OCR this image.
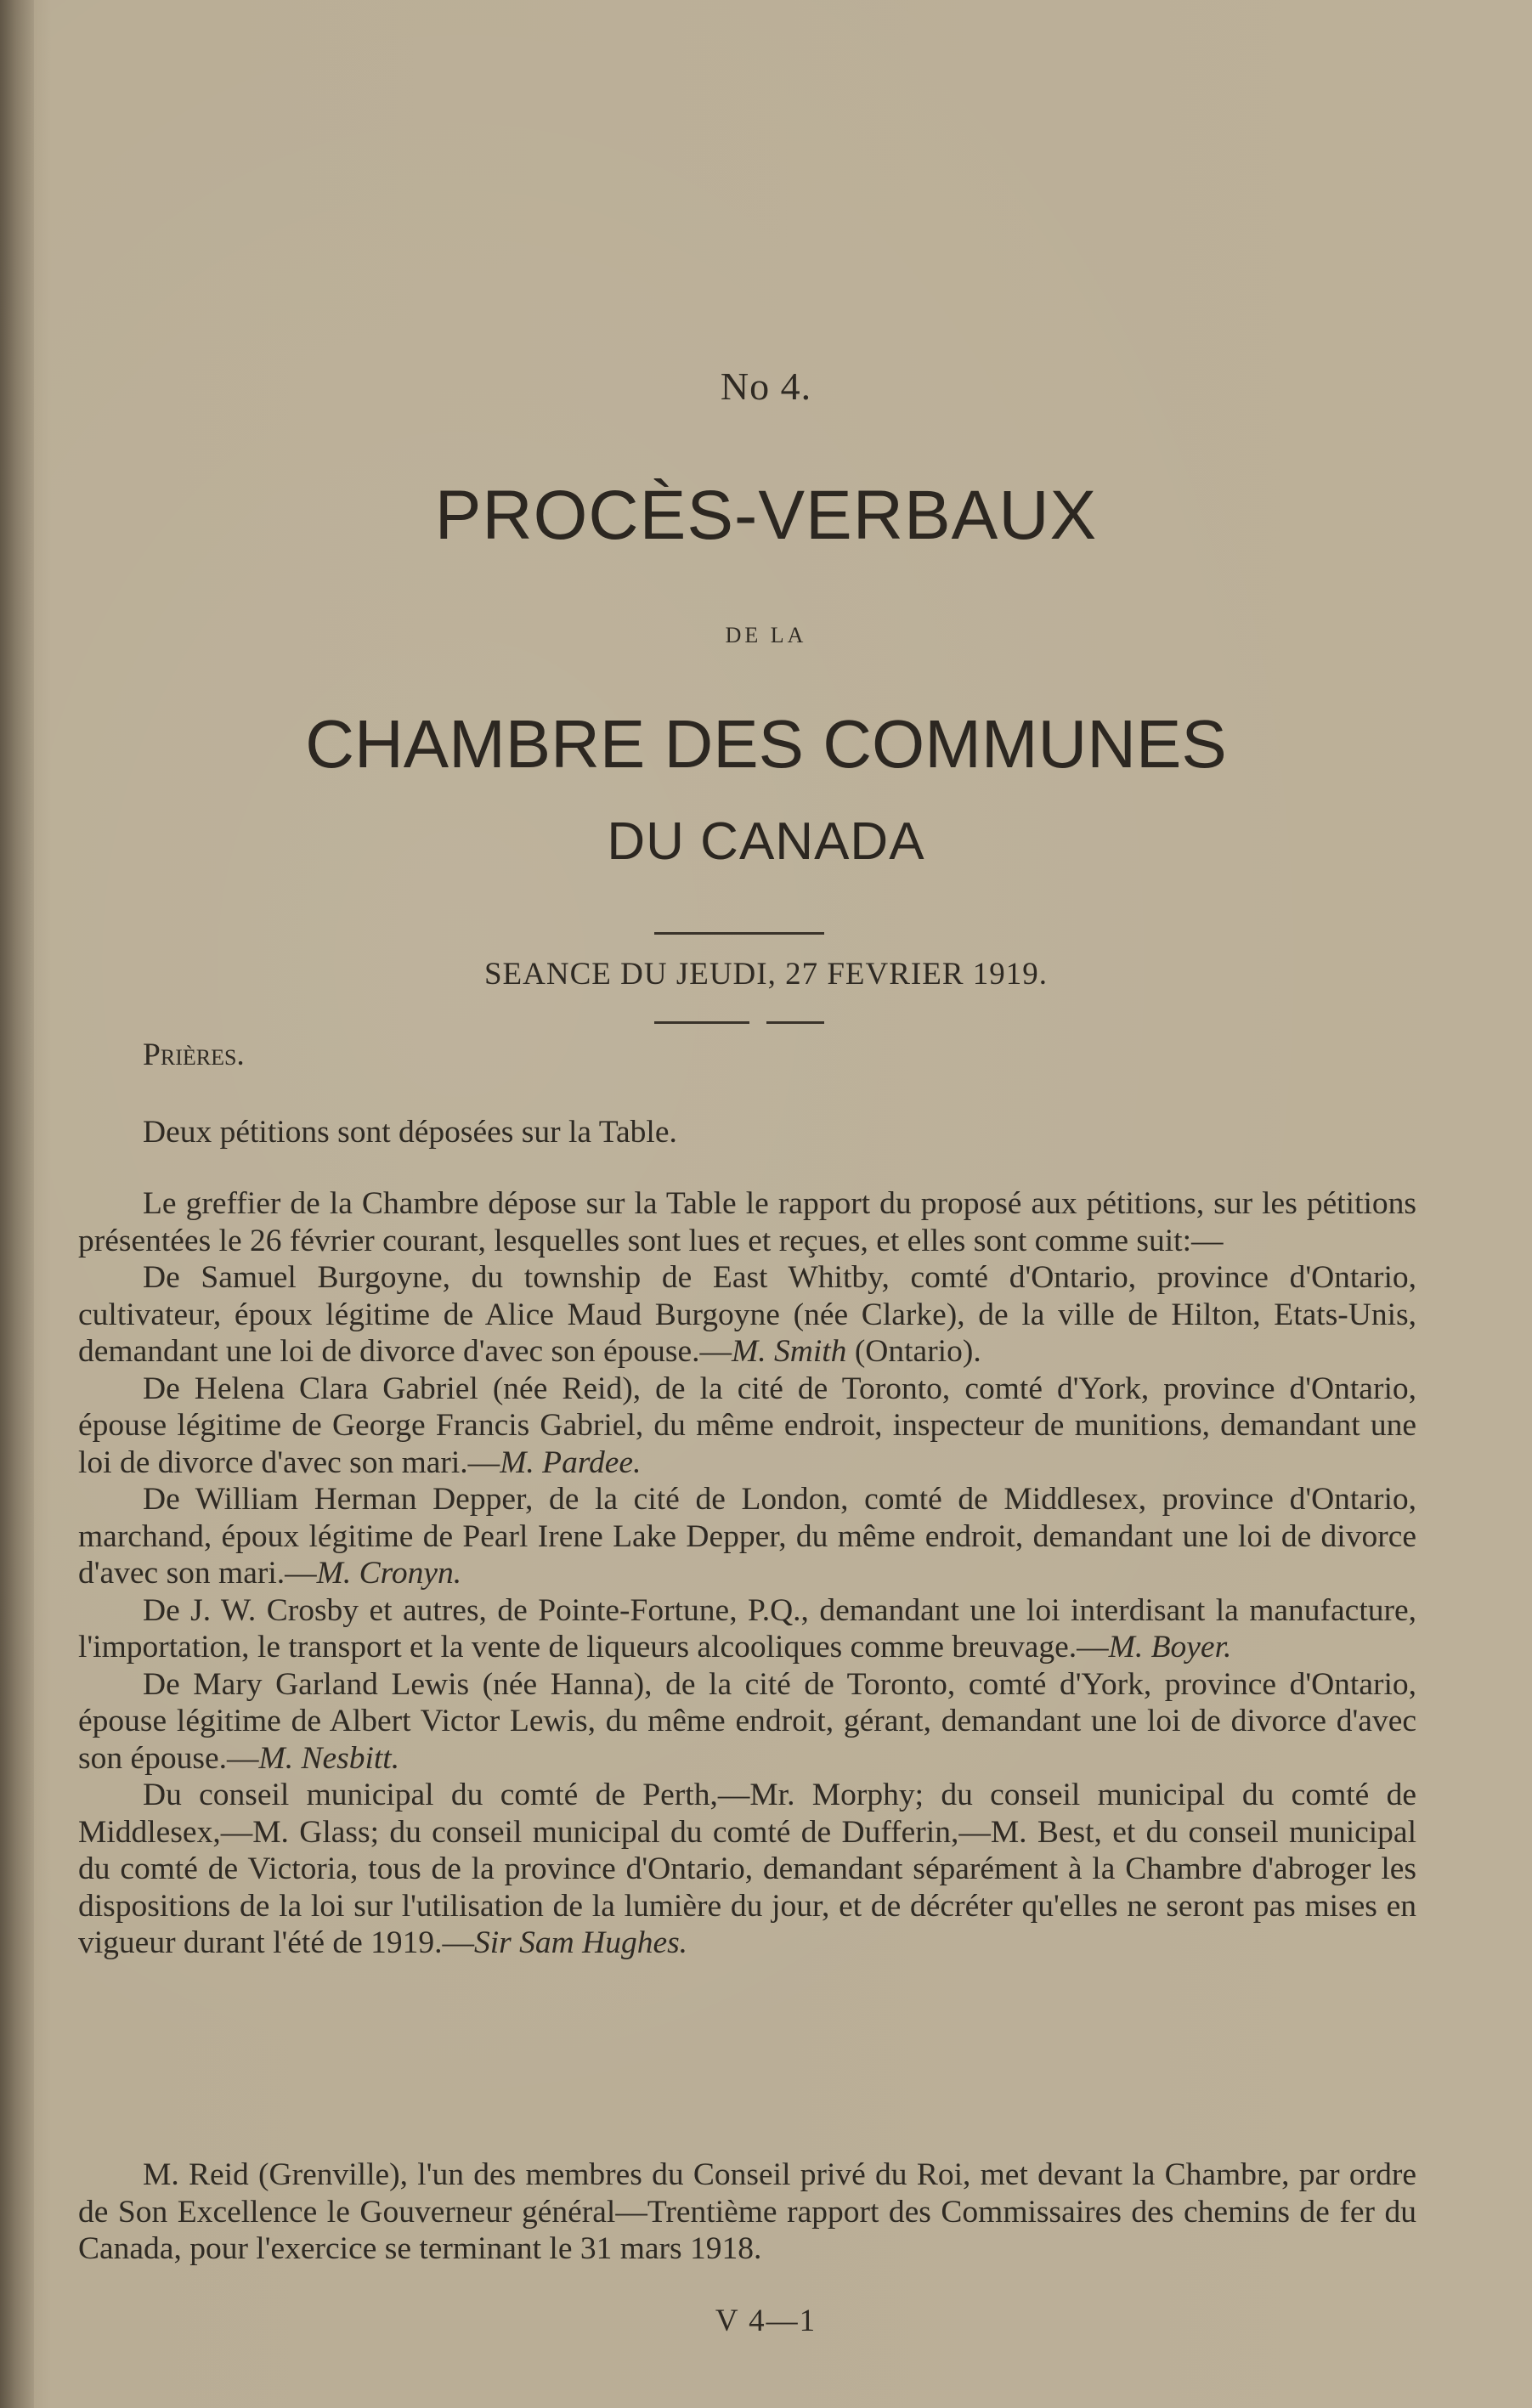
No 4.
PROCÈS-VERBAUX
DE LA
CHAMBRE DES COMMUNES
DU CANADA
SEANCE DU JEUDI, 27 FEVRIER 1919.

Prières.

Deux pétitions sont déposées sur la Table.

Le greffier de la Chambre dépose sur la Table le rapport du proposé aux pétitions, sur les pétitions présentées le 26 février courant, lesquelles sont lues et reçues, et elles sont comme suit:—

De Samuel Burgoyne, du township de East Whitby, comté d'Ontario, province d'Ontario, cultivateur, époux légitime de Alice Maud Burgoyne (née Clarke), de la ville de Hilton, Etats-Unis, demandant une loi de divorce d'avec son épouse.—M. Smith (Ontario).

De Helena Clara Gabriel (née Reid), de la cité de Toronto, comté d'York, province d'Ontario, épouse légitime de George Francis Gabriel, du même endroit, inspecteur de munitions, demandant une loi de divorce d'avec son mari.—M. Pardee.

De William Herman Depper, de la cité de London, comté de Middlesex, province d'Ontario, marchand, époux légitime de Pearl Irene Lake Depper, du même endroit, demandant une loi de divorce d'avec son mari.—M. Cronyn.

De J. W. Crosby et autres, de Pointe-Fortune, P.Q., demandant une loi interdisant la manufacture, l'importation, le transport et la vente de liqueurs alcooliques comme breuvage.—M. Boyer.

De Mary Garland Lewis (née Hanna), de la cité de Toronto, comté d'York, province d'Ontario, épouse légitime de Albert Victor Lewis, du même endroit, gérant, demandant une loi de divorce d'avec son épouse.—M. Nesbitt.

Du conseil municipal du comté de Perth,—Mr. Morphy; du conseil municipal du comté de Middlesex,—M. Glass; du conseil municipal du comté de Dufferin,—M. Best, et du conseil municipal du comté de Victoria, tous de la province d'Ontario, demandant séparément à la Chambre d'abroger les dispositions de la loi sur l'utilisation de la lumière du jour, et de décréter qu'elles ne seront pas mises en vigueur durant l'été de 1919.—Sir Sam Hughes.

M. Reid (Grenville), l'un des membres du Conseil privé du Roi, met devant la Chambre, par ordre de Son Excellence le Gouverneur général—Trentième rapport des Commissaires des chemins de fer du Canada, pour l'exercice se terminant le 31 mars 1918.

V 4—1
